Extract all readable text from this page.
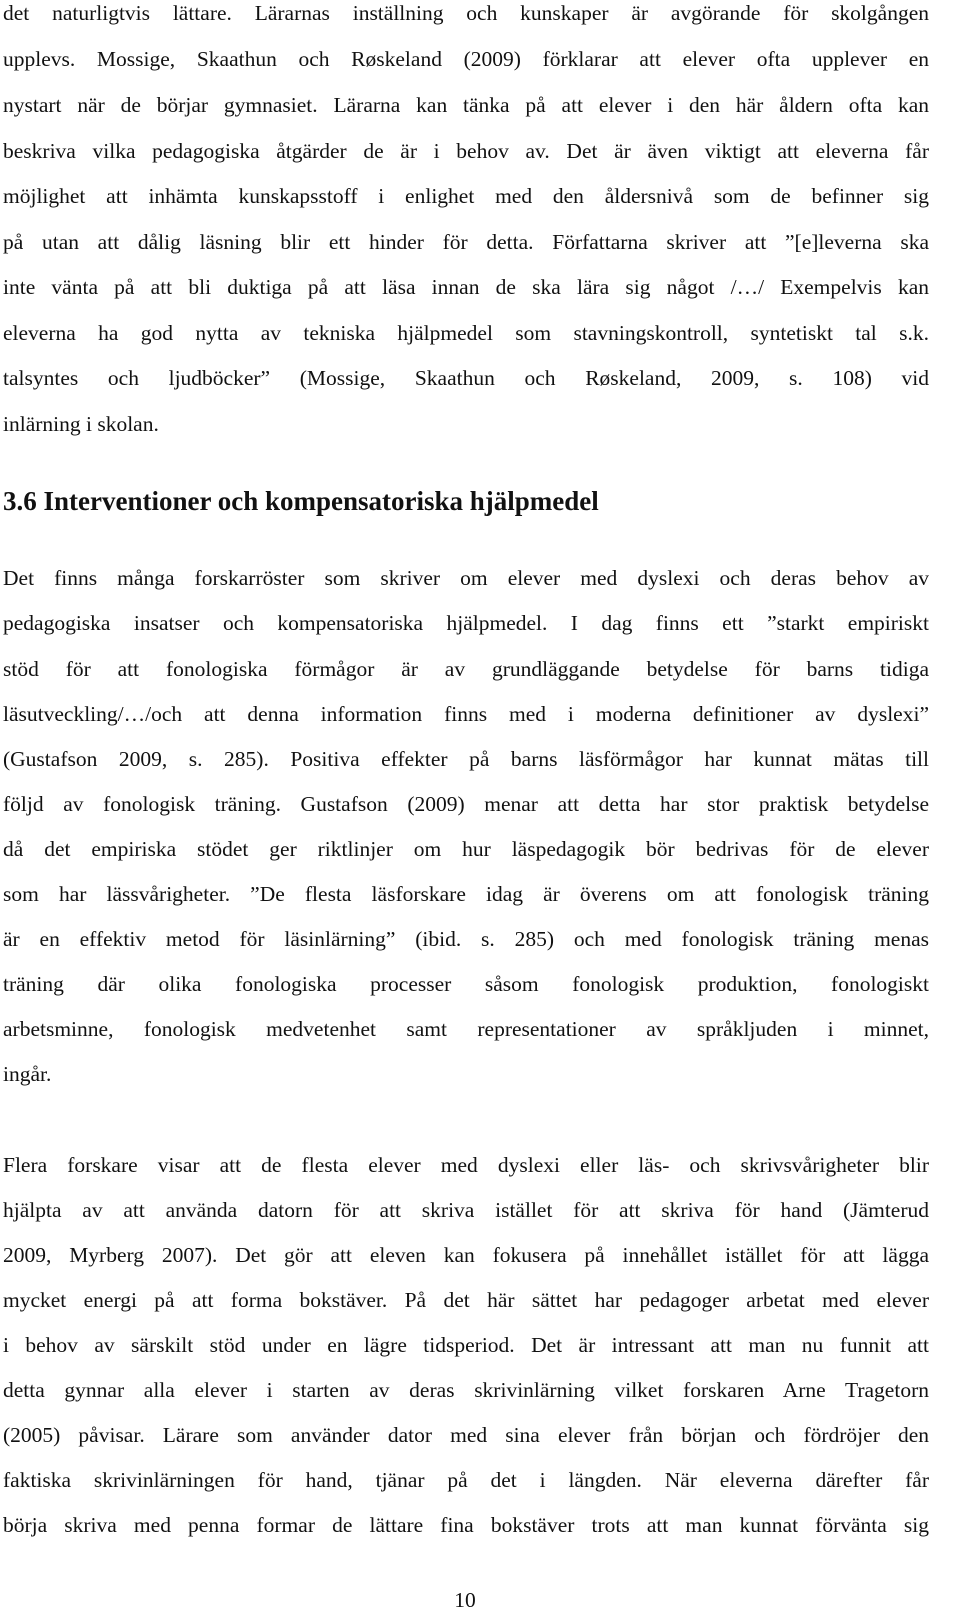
det naturligtvis lättare. Lärarnas inställning och kunskaper är avgörande för skolgången
upplevs. Mossige, Skaathun och Røskeland (2009) förklarar att elever ofta upplever en
nystart när de börjar gymnasiet. Lärarna kan tänka på att elever i den här åldern ofta kan
beskriva vilka pedagogiska åtgärder de är i behov av. Det är även viktigt att eleverna får
möjlighet att inhämta kunskapsstoff i enlighet med den åldersnivå som de befinner sig
på utan att dålig läsning blir ett hinder för detta. Författarna skriver att ”[e]leverna ska
inte vänta på att bli duktiga på att läsa innan de ska lära sig något /…/ Exempelvis kan
eleverna ha god nytta av tekniska hjälpmedel som stavningskontroll, syntetiskt tal s.k.
talsyntes och ljudböcker” (Mossige, Skaathun och Røskeland, 2009, s. 108) vid
inlärning i skolan.
3.6 Interventioner och kompensatoriska hjälpmedel
Det finns många forskarröster som skriver om elever med dyslexi och deras behov av
pedagogiska insatser och kompensatoriska hjälpmedel. I dag finns ett ”starkt empiriskt
stöd för att fonologiska förmågor är av grundläggande betydelse för barns tidiga
läsutveckling/…/och att denna information finns med i moderna definitioner av dyslexi”
(Gustafson 2009, s. 285). Positiva effekter på barns läsförmågor har kunnat mätas till
följd av fonologisk träning. Gustafson (2009) menar att detta har stor praktisk betydelse
då det empiriska stödet ger riktlinjer om hur läspedagogik bör bedrivas för de elever
som har lässvårigheter. ”De flesta läsforskare idag är överens om att fonologisk träning
är en effektiv metod för läsinlärning” (ibid. s. 285) och med fonologisk träning menas
träning där olika fonologiska processer såsom fonologisk produktion, fonologiskt
arbetsminne, fonologisk medvetenhet samt representationer av språkljuden i minnet,
ingår.
Flera forskare visar att de flesta elever med dyslexi eller läs- och skrivsvårigheter blir
hjälpta av att använda datorn för att skriva istället för att skriva för hand (Jämterud
2009, Myrberg 2007). Det gör att eleven kan fokusera på innehållet istället för att lägga
mycket energi på att forma bokstäver. På det här sättet har pedagoger arbetat med elever
i behov av särskilt stöd under en lägre tidsperiod. Det är intressant att man nu funnit att
detta gynnar alla elever i starten av deras skrivinlärning vilket forskaren Arne Tragetorn
(2005) påvisar. Lärare som använder dator med sina elever från början och fördröjer den
faktiska skrivinlärningen för hand, tjänar på det i längden. När eleverna därefter får
börja skriva med penna formar de lättare fina bokstäver trots att man kunnat förvänta sig
10
